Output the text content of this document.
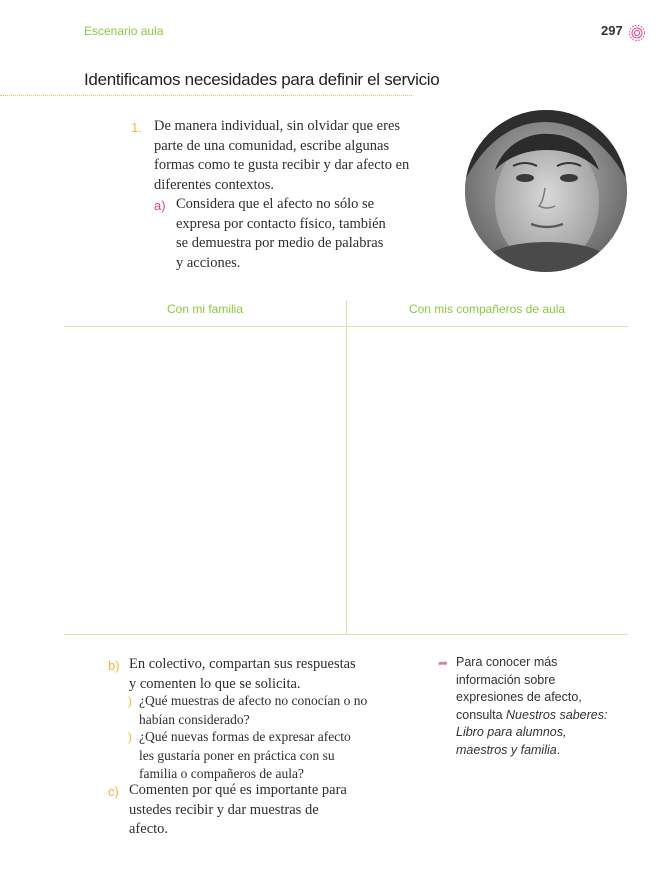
Escenario aula	297
Identificamos necesidades para definir el servicio
1. De manera individual, sin olvidar que eres
parte de una comunidad, escribe algunas
formas como te gusta recibir y dar afecto en
diferentes contextos.
a) Considera que el afecto no sólo se
expresa por contacto físico, también
se demuestra por medio de palabras
y acciones.
Con mi familia	Con mis compañeros de aula
b) En colectivo, compartan sus respuestas
y comenten lo que se solicita.
) ¿Qué muestras de afecto no conocían o no
habían considerado?
) ¿Qué nuevas formas de expresar afecto
les gustaría poner en práctica con su
familia o compañeros de aula?
c) Comenten por qué es importante para
ustedes recibir y dar muestras de
afecto.
➦ Para conocer más
información sobre
expresiones de afecto,
consulta Nuestros saberes:
Libro para alumnos,
maestros y familia.
